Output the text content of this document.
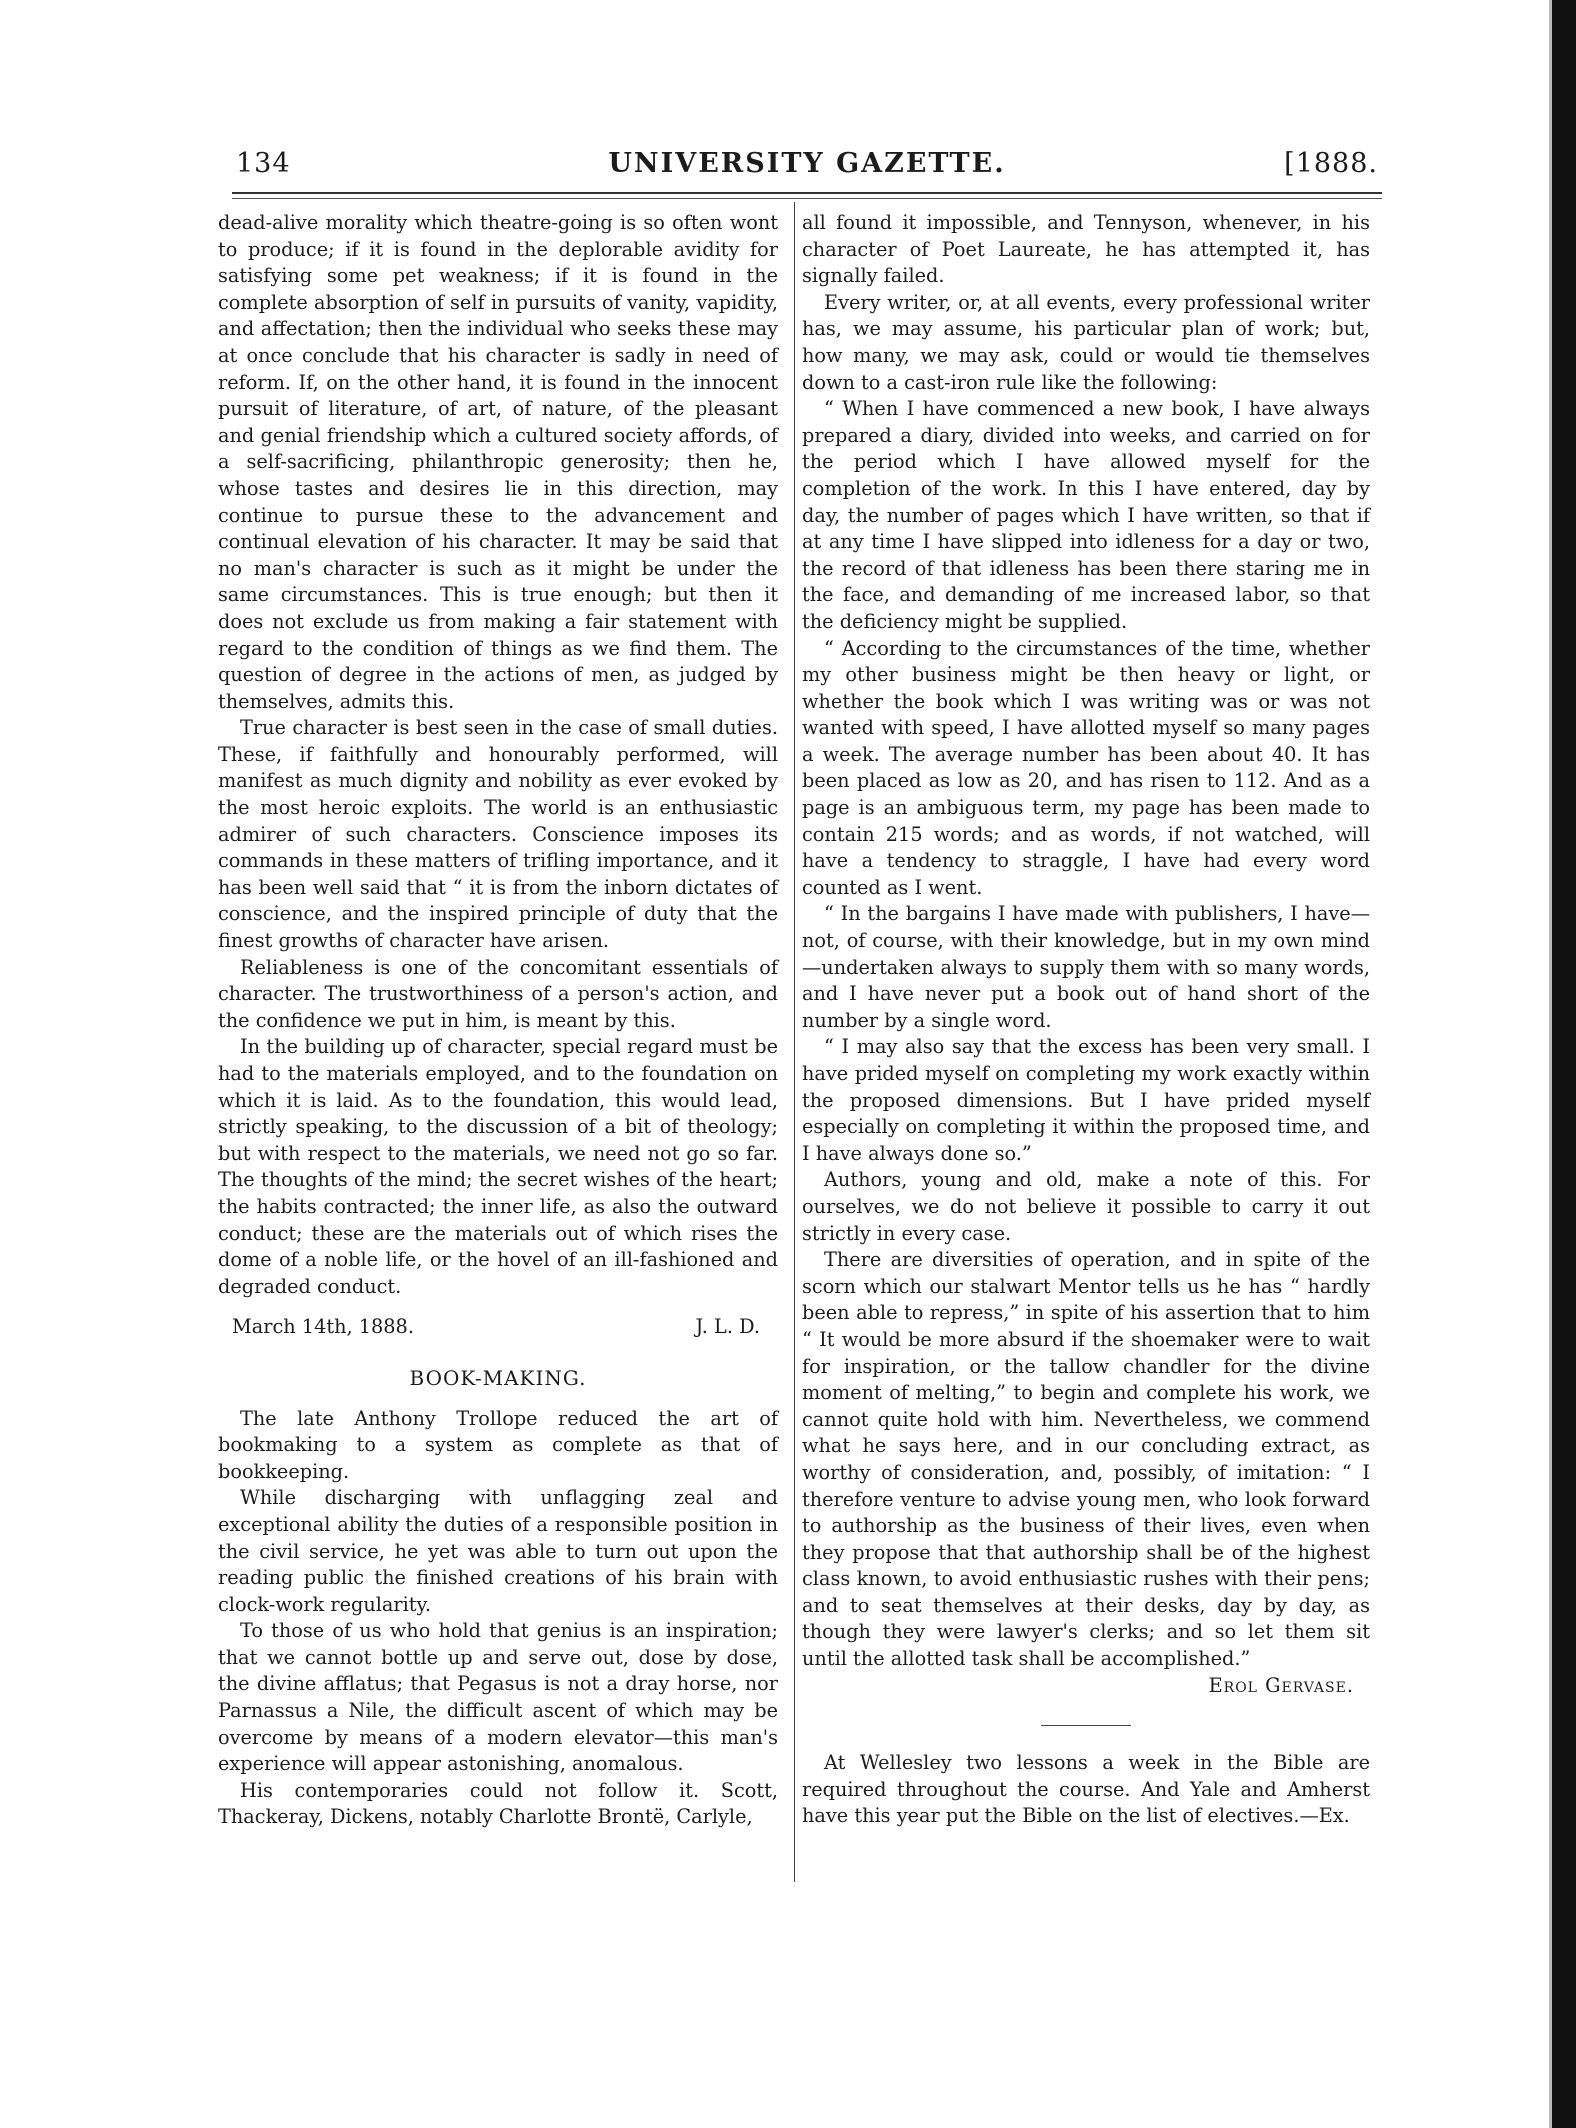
134	UNIVERSITY GAZETTE.	[1888.

dead-alive morality which theatre-going is so often wont to produce; if it is found in the deplorable avidity for satisfying some pet weakness; if it is found in the complete absorption of self in pursuits of vanity, vapidity, and affectation; then the individual who seeks these may at once conclude that his character is sadly in need of reform. If, on the other hand, it is found in the innocent pursuit of literature, of art, of nature, of the pleasant and genial friendship which a cultured society affords, of a self-sacrificing, philanthropic generosity; then he, whose tastes and desires lie in this direction, may continue to pursue these to the advancement and continual elevation of his character. It may be said that no man's character is such as it might be under the same circumstances. This is true enough; but then it does not exclude us from making a fair statement with regard to the condition of things as we find them. The question of degree in the actions of men, as judged by themselves, admits this.

True character is best seen in the case of small duties. These, if faithfully and honourably performed, will manifest as much dignity and nobility as ever evoked by the most heroic exploits. The world is an enthusiastic admirer of such characters. Conscience imposes its commands in these matters of trifling importance, and it has been well said that “ it is from the inborn dictates of conscience, and the inspired principle of duty that the finest growths of character have arisen.

Reliableness is one of the concomitant essentials of character. The trustworthiness of a person's action, and the confidence we put in him, is meant by this.

In the building up of character, special regard must be had to the materials employed, and to the foundation on which it is laid. As to the foundation, this would lead, strictly speaking, to the discussion of a bit of theology; but with respect to the materials, we need not go so far. The thoughts of the mind; the secret wishes of the heart; the habits contracted; the inner life, as also the outward conduct; these are the materials out of which rises the dome of a noble life, or the hovel of an ill-fashioned and degraded conduct.

March 14th, 1888.	J. L. D.
BOOK-MAKING.

The late Anthony Trollope reduced the art of bookmaking to a system as complete as that of bookkeeping.

While discharging with unflagging zeal and exceptional ability the duties of a responsible position in the civil service, he yet was able to turn out upon the reading public the finished creations of his brain with clock-work regularity.

To those of us who hold that genius is an inspiration; that we cannot bottle up and serve out, dose by dose, the divine afflatus; that Pegasus is not a dray horse, nor Parnassus a Nile, the difficult ascent of which may be overcome by means of a modern elevator—this man's experience will appear astonishing, anomalous.

His contemporaries could not follow it. Scott, Thackeray, Dickens, notably Charlotte Brontë, Carlyle,

all found it impossible, and Tennyson, whenever, in his character of Poet Laureate, he has attempted it, has signally failed.

Every writer, or, at all events, every professional writer has, we may assume, his particular plan of work; but, how many, we may ask, could or would tie themselves down to a cast-iron rule like the following:

“ When I have commenced a new book, I have always prepared a diary, divided into weeks, and carried on for the period which I have allowed myself for the completion of the work. In this I have entered, day by day, the number of pages which I have written, so that if at any time I have slipped into idleness for a day or two, the record of that idleness has been there staring me in the face, and demanding of me increased labor, so that the deficiency might be supplied.

“ According to the circumstances of the time, whether my other business might be then heavy or light, or whether the book which I was writing was or was not wanted with speed, I have allotted myself so many pages a week. The average number has been about 40. It has been placed as low as 20, and has risen to 112. And as a page is an ambiguous term, my page has been made to contain 215 words; and as words, if not watched, will have a tendency to straggle, I have had every word counted as I went.

“ In the bargains I have made with publishers, I have—not, of course, with their knowledge, but in my own mind—undertaken always to supply them with so many words, and I have never put a book out of hand short of the number by a single word.

“ I may also say that the excess has been very small. I have prided myself on completing my work exactly within the proposed dimensions. But I have prided myself especially on completing it within the proposed time, and I have always done so.”

Authors, young and old, make a note of this. For ourselves, we do not believe it possible to carry it out strictly in every case.

There are diversities of operation, and in spite of the scorn which our stalwart Mentor tells us he has “ hardly been able to repress,” in spite of his assertion that to him “ It would be more absurd if the shoemaker were to wait for inspiration, or the tallow chandler for the divine moment of melting,” to begin and complete his work, we cannot quite hold with him. Nevertheless, we commend what he says here, and in our concluding extract, as worthy of consideration, and, possibly, of imitation: “ I therefore venture to advise young men, who look forward to authorship as the business of their lives, even when they propose that that authorship shall be of the highest class known, to avoid enthusiastic rushes with their pens; and to seat themselves at their desks, day by day, as though they were lawyer's clerks; and so let them sit until the allotted task shall be accomplished.”

Erol Gervase.

At Wellesley two lessons a week in the Bible are required throughout the course. And Yale and Amherst have this year put the Bible on the list of electives.—Ex.
